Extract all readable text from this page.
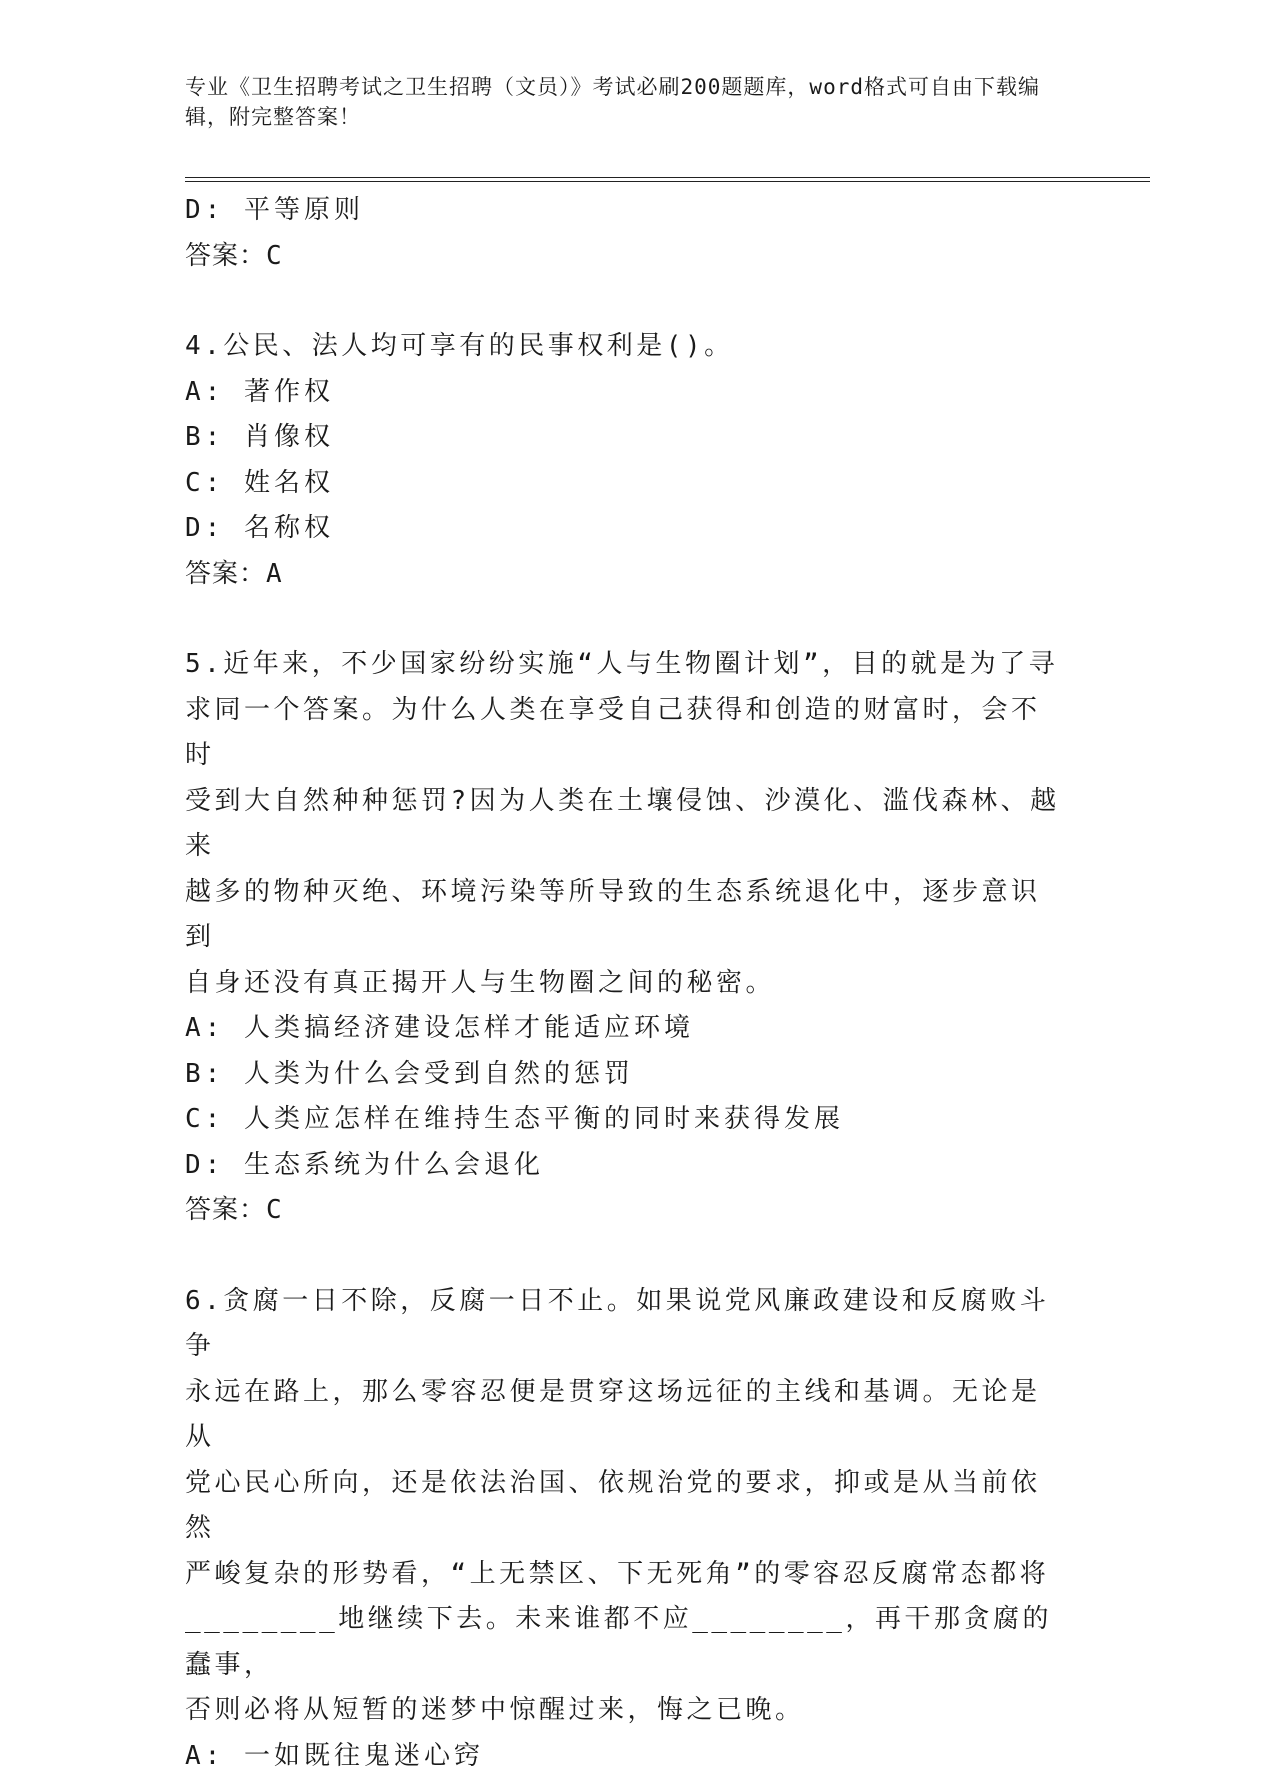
专业《卫生招聘考试之卫生招聘（文员）》考试必刷200题题库，word格式可自由下载编辑，附完整答案！

D: 平等原则

答案：C

4.公民、法人均可享有的民事权利是()。

A: 著作权

B: 肖像权

C: 姓名权

D: 名称权

答案：A

5.近年来，不少国家纷纷实施“人与生物圈计划”，目的就是为了寻

求同一个答案。为什么人类在享受自己获得和创造的财富时，会不时

受到大自然种种惩罚?因为人类在土壤侵蚀、沙漠化、滥伐森林、越来

越多的物种灭绝、环境污染等所导致的生态系统退化中，逐步意识到

自身还没有真正揭开人与生物圈之间的秘密。

A: 人类搞经济建设怎样才能适应环境

B: 人类为什么会受到自然的惩罚

C: 人类应怎样在维持生态平衡的同时来获得发展

D: 生态系统为什么会退化

答案：C

6.贪腐一日不除，反腐一日不止。如果说党风廉政建设和反腐败斗争

永远在路上，那么零容忍便是贯穿这场远征的主线和基调。无论是从

党心民心所向，还是依法治国、依规治党的要求，抑或是从当前依然

严峻复杂的形势看，“上无禁区、下无死角”的零容忍反腐常态都将

________地继续下去。未来谁都不应________，再干那贪腐的蠢事，

否则必将从短暂的迷梦中惊醒过来，悔之已晚。

A: 一如既往鬼迷心窍
